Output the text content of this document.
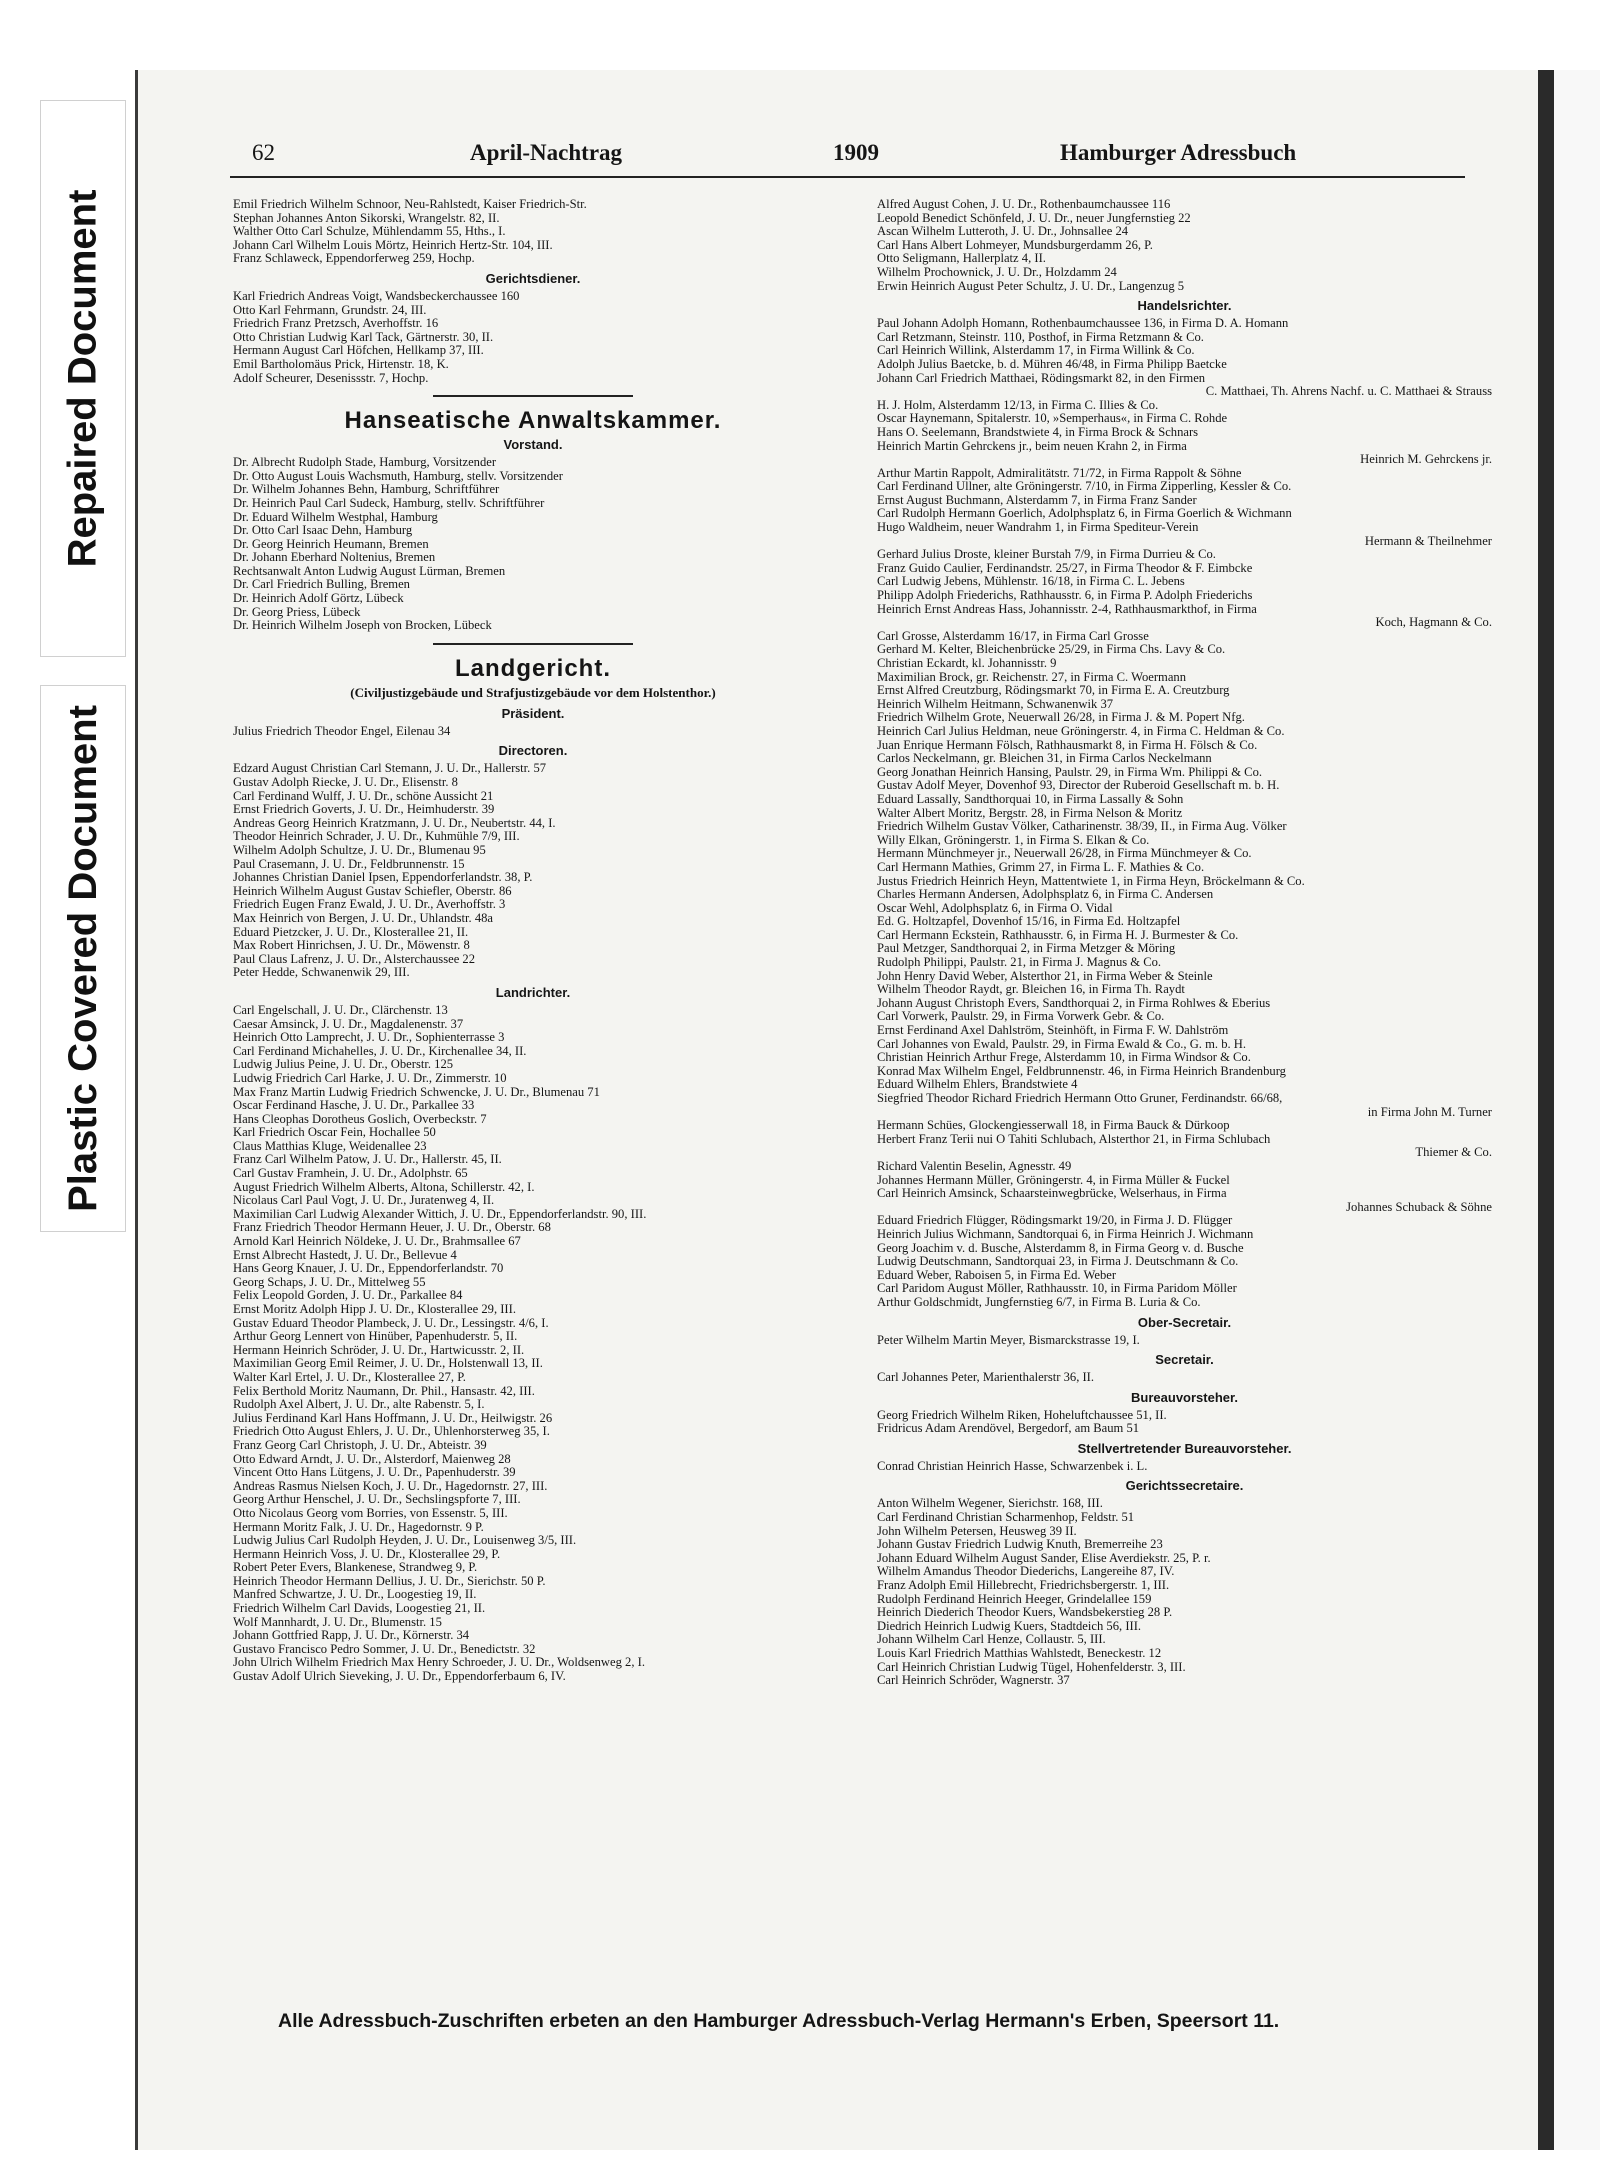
Repaired Document
Plastic Covered Document
62	April-Nachtrag	1909	Hamburger Adressbuch
Emil Friedrich Wilhelm Schnoor, Neu-Rahlstedt, Kaiser Friedrich-Str.
Stephan Johannes Anton Sikorski, Wrangelstr. 82, II.
Walther Otto Carl Schulze, Mühlendamm 55, Hths., I.
Johann Carl Wilhelm Louis Mörtz, Heinrich Hertz-Str. 104, III.
Franz Schlaweck, Eppendorferweg 259, Hochp.
Gerichtsdiener.
Karl Friedrich Andreas Voigt, Wandsbeckerchaussee 160
Otto Karl Fehrmann, Grundstr. 24, III.
Friedrich Franz Pretzsch, Averhoffstr. 16
Otto Christian Ludwig Karl Tack, Gärtnerstr. 30, II.
Hermann August Carl Höfchen, Hellkamp 37, III.
Emil Bartholomäus Prick, Hirtenstr. 18, K.
Adolf Scheurer, Desenissstr. 7, Hochp.
Hanseatische Anwaltskammer.
Vorstand.
Dr. Albrecht Rudolph Stade, Hamburg, Vorsitzender
Dr. Otto August Louis Wachsmuth, Hamburg, stellv. Vorsitzender
Dr. Wilhelm Johannes Behn, Hamburg, Schriftführer
Dr. Heinrich Paul Carl Sudeck, Hamburg, stellv. Schriftführer
Dr. Eduard Wilhelm Westphal, Hamburg
Dr. Otto Carl Isaac Dehn, Hamburg
Dr. Georg Heinrich Heumann, Bremen
Dr. Johann Eberhard Noltenius, Bremen
Rechtsanwalt Anton Ludwig August Lürman, Bremen
Dr. Carl Friedrich Bulling, Bremen
Dr. Heinrich Adolf Görtz, Lübeck
Dr. Georg Priess, Lübeck
Dr. Heinrich Wilhelm Joseph von Brocken, Lübeck
Landgericht.
(Civiljustizgebäude und Strafjustizgebäude vor dem Holstenthor.)
Präsident.
Julius Friedrich Theodor Engel, Eilenau 34
Directoren.
Edzard August Christian Carl Stemann, J. U. Dr., Hallerstr. 57
Gustav Adolph Riecke, J. U. Dr., Elisenstr. 8
Carl Ferdinand Wulff, J. U. Dr., schöne Aussicht 21
Ernst Friedrich Goverts, J. U. Dr., Heimhuderstr. 39
Andreas Georg Heinrich Kratzmann, J. U. Dr., Neubertstr. 44, I.
Theodor Heinrich Schrader, J. U. Dr., Kuhmühle 7/9, III.
Wilhelm Adolph Schultze, J. U. Dr., Blumenau 95
Paul Crasemann, J. U. Dr., Feldbrunnenstr. 15
Johannes Christian Daniel Ipsen, Eppendorferlandstr. 38, P.
Heinrich Wilhelm August Gustav Schiefler, Oberstr. 86
Friedrich Eugen Franz Ewald, J. U. Dr., Averhoffstr. 3
Max Heinrich von Bergen, J. U. Dr., Uhlandstr. 48a
Eduard Pietzcker, J. U. Dr., Klosterallee 21, II.
Max Robert Hinrichsen, J. U. Dr., Möwenstr. 8
Paul Claus Lafrenz, J. U. Dr., Alsterchaussee 22
Peter Hedde, Schwanenwik 29, III.
Landrichter.
Carl Engelschall, J. U. Dr., Clärchenstr. 13
Caesar Amsinck, J. U. Dr., Magdalenenstr. 37
Heinrich Otto Lamprecht, J. U. Dr., Sophienterrasse 3
Carl Ferdinand Michahelles, J. U. Dr., Kirchenallee 34, II.
Ludwig Julius Peine, J. U. Dr., Oberstr. 125
Ludwig Friedrich Carl Harke, J. U. Dr., Zimmerstr. 10
Max Franz Martin Ludwig Friedrich Schwencke, J. U. Dr., Blumenau 71
Oscar Ferdinand Hasche, J. U. Dr., Parkallee 33
Hans Cleophas Dorotheus Goslich, Overbeckstr. 7
Karl Friedrich Oscar Fein, Hochallee 50
Claus Matthias Kluge, Weidenallee 23
Franz Carl Wilhelm Patow, J. U. Dr., Hallerstr. 45, II.
Carl Gustav Framhein, J. U. Dr., Adolphstr. 65
August Friedrich Wilhelm Alberts, Altona, Schillerstr. 42, I.
Nicolaus Carl Paul Vogt, J. U. Dr., Juratenweg 4, II.
Maximilian Carl Ludwig Alexander Wittich, J. U. Dr., Eppendorferlandstr. 90, III.
Franz Friedrich Theodor Hermann Heuer, J. U. Dr., Oberstr. 68
Arnold Karl Heinrich Nöldeke, J. U. Dr., Brahmsallee 67
Ernst Albrecht Hastedt, J. U. Dr., Bellevue 4
Hans Georg Knauer, J. U. Dr., Eppendorferlandstr. 70
Georg Schaps, J. U. Dr., Mittelweg 55
Felix Leopold Gorden, J. U. Dr., Parkallee 84
Ernst Moritz Adolph Hipp J. U. Dr., Klosterallee 29, III.
Gustav Eduard Theodor Plambeck, J. U. Dr., Lessingstr. 4/6, I.
Arthur Georg Lennert von Hinüber, Papenhuderstr. 5, II.
Hermann Heinrich Schröder, J. U. Dr., Hartwicusstr. 2, II.
Maximilian Georg Emil Reimer, J. U. Dr., Holstenwall 13, II.
Walter Karl Ertel, J. U. Dr., Klosterallee 27, P.
Felix Berthold Moritz Naumann, Dr. Phil., Hansastr. 42, III.
Rudolph Axel Albert, J. U. Dr., alte Rabenstr. 5, I.
Julius Ferdinand Karl Hans Hoffmann, J. U. Dr., Heilwigstr. 26
Friedrich Otto August Ehlers, J. U. Dr., Uhlenhorsterweg 35, I.
Franz Georg Carl Christoph, J. U. Dr., Abteistr. 39
Otto Edward Arndt, J. U. Dr., Alsterdorf, Maienweg 28
Vincent Otto Hans Lütgens, J. U. Dr., Papenhuderstr. 39
Andreas Rasmus Nielsen Koch, J. U. Dr., Hagedornstr. 27, III.
Georg Arthur Henschel, J. U. Dr., Sechslingspforte 7, III.
Otto Nicolaus Georg vom Borries, von Essenstr. 5, III.
Hermann Moritz Falk, J. U. Dr., Hagedornstr. 9 P.
Ludwig Julius Carl Rudolph Heyden, J. U. Dr., Louisenweg 3/5, III.
Hermann Heinrich Voss, J. U. Dr., Klosterallee 29, P.
Robert Peter Evers, Blankenese, Strandweg 9, P.
Heinrich Theodor Hermann Dellius, J. U. Dr., Sierichstr. 50 P.
Manfred Schwartze, J. U. Dr., Loogestieg 19, II.
Friedrich Wilhelm Carl Davids, Loogestieg 21, II.
Wolf Mannhardt, J. U. Dr., Blumenstr. 15
Johann Gottfried Rapp, J. U. Dr., Körnerstr. 34
Gustavo Francisco Pedro Sommer, J. U. Dr., Benedictstr. 32
John Ulrich Wilhelm Friedrich Max Henry Schroeder, J. U. Dr., Woldsenweg 2, I.
Gustav Adolf Ulrich Sieveking, J. U. Dr., Eppendorferbaum 6, IV.
Alfred August Cohen, J. U. Dr., Rothenbaumchaussee 116
Leopold Benedict Schönfeld, J. U. Dr., neuer Jungfernstieg 22
Ascan Wilhelm Lutteroth, J. U. Dr., Johnsallee 24
Carl Hans Albert Lohmeyer, Mundsburgerdamm 26, P.
Otto Seligmann, Hallerplatz 4, II.
Wilhelm Prochownick, J. U. Dr., Holzdamm 24
Erwin Heinrich August Peter Schultz, J. U. Dr., Langenzug 5
Handelsrichter.
Paul Johann Adolph Homann, Rothenbaumchaussee 136, in Firma D. A. Homann
Carl Retzmann, Steinstr. 110, Posthof, in Firma Retzmann & Co.
Carl Heinrich Willink, Alsterdamm 17, in Firma Willink & Co.
Adolph Julius Baetcke, b. d. Mühren 46/48, in Firma Philipp Baetcke
Johann Carl Friedrich Matthaei, Rödingsmarkt 82, in den Firmen
C. Matthaei, Th. Ahrens Nachf. u. C. Matthaei & Strauss
H. J. Holm, Alsterdamm 12/13, in Firma C. Illies & Co.
Oscar Haynemann, Spitalerstr. 10, »Semperhaus«, in Firma C. Rohde
Hans O. Seelemann, Brandstwiete 4, in Firma Brock & Schnars
Heinrich Martin Gehrckens jr., beim neuen Krahn 2, in Firma
Heinrich M. Gehrckens jr.
Arthur Martin Rappolt, Admiralitätstr. 71/72, in Firma Rappolt & Söhne
Carl Ferdinand Ullner, alte Gröningerstr. 7/10, in Firma Zipperling, Kessler & Co.
Ernst August Buchmann, Alsterdamm 7, in Firma Franz Sander
Carl Rudolph Hermann Goerlich, Adolphsplatz 6, in Firma Goerlich & Wichmann
Hugo Waldheim, neuer Wandrahm 1, in Firma Spediteur-Verein
Hermann & Theilnehmer
Gerhard Julius Droste, kleiner Burstah 7/9, in Firma Durrieu & Co.
Franz Guido Caulier, Ferdinandstr. 25/27, in Firma Theodor & F. Eimbcke
Carl Ludwig Jebens, Mühlenstr. 16/18, in Firma C. L. Jebens
Philipp Adolph Friederichs, Rathhausstr. 6, in Firma P. Adolph Friederichs
Heinrich Ernst Andreas Hass, Johannisstr. 2-4, Rathhausmarkthof, in Firma
Koch, Hagmann & Co.
Carl Grosse, Alsterdamm 16/17, in Firma Carl Grosse
Gerhard M. Kelter, Bleichenbrücke 25/29, in Firma Chs. Lavy & Co.
Christian Eckardt, kl. Johannisstr. 9
Maximilian Brock, gr. Reichenstr. 27, in Firma C. Woermann
Ernst Alfred Creutzburg, Rödingsmarkt 70, in Firma E. A. Creutzburg
Heinrich Wilhelm Heitmann, Schwanenwik 37
Friedrich Wilhelm Grote, Neuerwall 26/28, in Firma J. & M. Popert Nfg.
Heinrich Carl Julius Heldman, neue Gröningerstr. 4, in Firma C. Heldman & Co.
Juan Enrique Hermann Fölsch, Rathhausmarkt 8, in Firma H. Fölsch & Co.
Carlos Neckelmann, gr. Bleichen 31, in Firma Carlos Neckelmann
Georg Jonathan Heinrich Hansing, Paulstr. 29, in Firma Wm. Philippi & Co.
Gustav Adolf Meyer, Dovenhof 93, Director der Ruberoid Gesellschaft m. b. H.
Eduard Lassally, Sandthorquai 10, in Firma Lassally & Sohn
Walter Albert Moritz, Bergstr. 28, in Firma Nelson & Moritz
Friedrich Wilhelm Gustav Völker, Catharinenstr. 38/39, II., in Firma Aug. Völker
Willy Elkan, Gröningerstr. 1, in Firma S. Elkan & Co.
Hermann Münchmeyer jr., Neuerwall 26/28, in Firma Münchmeyer & Co.
Carl Hermann Mathies, Grimm 27, in Firma L. F. Mathies & Co.
Justus Friedrich Heinrich Heyn, Mattentwiete 1, in Firma Heyn, Bröckelmann & Co.
Charles Hermann Andersen, Adolphsplatz 6, in Firma C. Andersen
Oscar Wehl, Adolphsplatz 6, in Firma O. Vidal
Ed. G. Holtzapfel, Dovenhof 15/16, in Firma Ed. Holtzapfel
Carl Hermann Eckstein, Rathhausstr. 6, in Firma H. J. Burmester & Co.
Paul Metzger, Sandthorquai 2, in Firma Metzger & Möring
Rudolph Philippi, Paulstr. 21, in Firma J. Magnus & Co.
John Henry David Weber, Alsterthor 21, in Firma Weber & Steinle
Wilhelm Theodor Raydt, gr. Bleichen 16, in Firma Th. Raydt
Johann August Christoph Evers, Sandthorquai 2, in Firma Rohlwes & Eberius
Carl Vorwerk, Paulstr. 29, in Firma Vorwerk Gebr. & Co.
Ernst Ferdinand Axel Dahlström, Steinhöft, in Firma F. W. Dahlström
Carl Johannes von Ewald, Paulstr. 29, in Firma Ewald & Co., G. m. b. H.
Christian Heinrich Arthur Frege, Alsterdamm 10, in Firma Windsor & Co.
Konrad Max Wilhelm Engel, Feldbrunnenstr. 46, in Firma Heinrich Brandenburg
Eduard Wilhelm Ehlers, Brandstwiete 4
Siegfried Theodor Richard Friedrich Hermann Otto Gruner, Ferdinandstr. 66/68,
in Firma John M. Turner
Hermann Schües, Glockengiesserwall 18, in Firma Bauck & Dürkoop
Herbert Franz Terii nui O Tahiti Schlubach, Alsterthor 21, in Firma Schlubach
Thiemer & Co.
Richard Valentin Beselin, Agnesstr. 49
Johannes Hermann Müller, Gröningerstr. 4, in Firma Müller & Fuckel
Carl Heinrich Amsinck, Schaarsteinwegbrücke, Welserhaus, in Firma
Johannes Schuback & Söhne
Eduard Friedrich Flügger, Rödingsmarkt 19/20, in Firma J. D. Flügger
Heinrich Julius Wichmann, Sandtorquai 6, in Firma Heinrich J. Wichmann
Georg Joachim v. d. Busche, Alsterdamm 8, in Firma Georg v. d. Busche
Ludwig Deutschmann, Sandtorquai 23, in Firma J. Deutschmann & Co.
Eduard Weber, Raboisen 5, in Firma Ed. Weber
Carl Paridom August Möller, Rathhausstr. 10, in Firma Paridom Möller
Arthur Goldschmidt, Jungfernstieg 6/7, in Firma B. Luria & Co.
Ober-Secretair.
Peter Wilhelm Martin Meyer, Bismarckstrasse 19, I.
Secretair.
Carl Johannes Peter, Marienthalerstr 36, II.
Bureauvorsteher.
Georg Friedrich Wilhelm Riken, Hoheluftchaussee 51, II.
Fridricus Adam Arendövel, Bergedorf, am Baum 51
Stellvertretender Bureauvorsteher.
Conrad Christian Heinrich Hasse, Schwarzenbek i. L.
Gerichtssecretaire.
Anton Wilhelm Wegener, Sierichstr. 168, III.
Carl Ferdinand Christian Scharmenhop, Feldstr. 51
John Wilhelm Petersen, Heusweg 39 II.
Johann Gustav Friedrich Ludwig Knuth, Bremerreihe 23
Johann Eduard Wilhelm August Sander, Elise Averdiekstr. 25, P. r.
Wilhelm Amandus Theodor Diederichs, Langereihe 87, IV.
Franz Adolph Emil Hillebrecht, Friedrichsbergerstr. 1, III.
Rudolph Ferdinand Heinrich Heeger, Grindelallee 159
Heinrich Diederich Theodor Kuers, Wandsbekerstieg 28 P.
Diedrich Heinrich Ludwig Kuers, Stadtdeich 56, III.
Johann Wilhelm Carl Henze, Collaustr. 5, III.
Louis Karl Friedrich Matthias Wahlstedt, Beneckestr. 12
Carl Heinrich Christian Ludwig Tügel, Hohenfelderstr. 3, III.
Carl Heinrich Schröder, Wagnerstr. 37
Alle Adressbuch-Zuschriften erbeten an den Hamburger Adressbuch-Verlag Hermann's Erben, Speersort 11.
